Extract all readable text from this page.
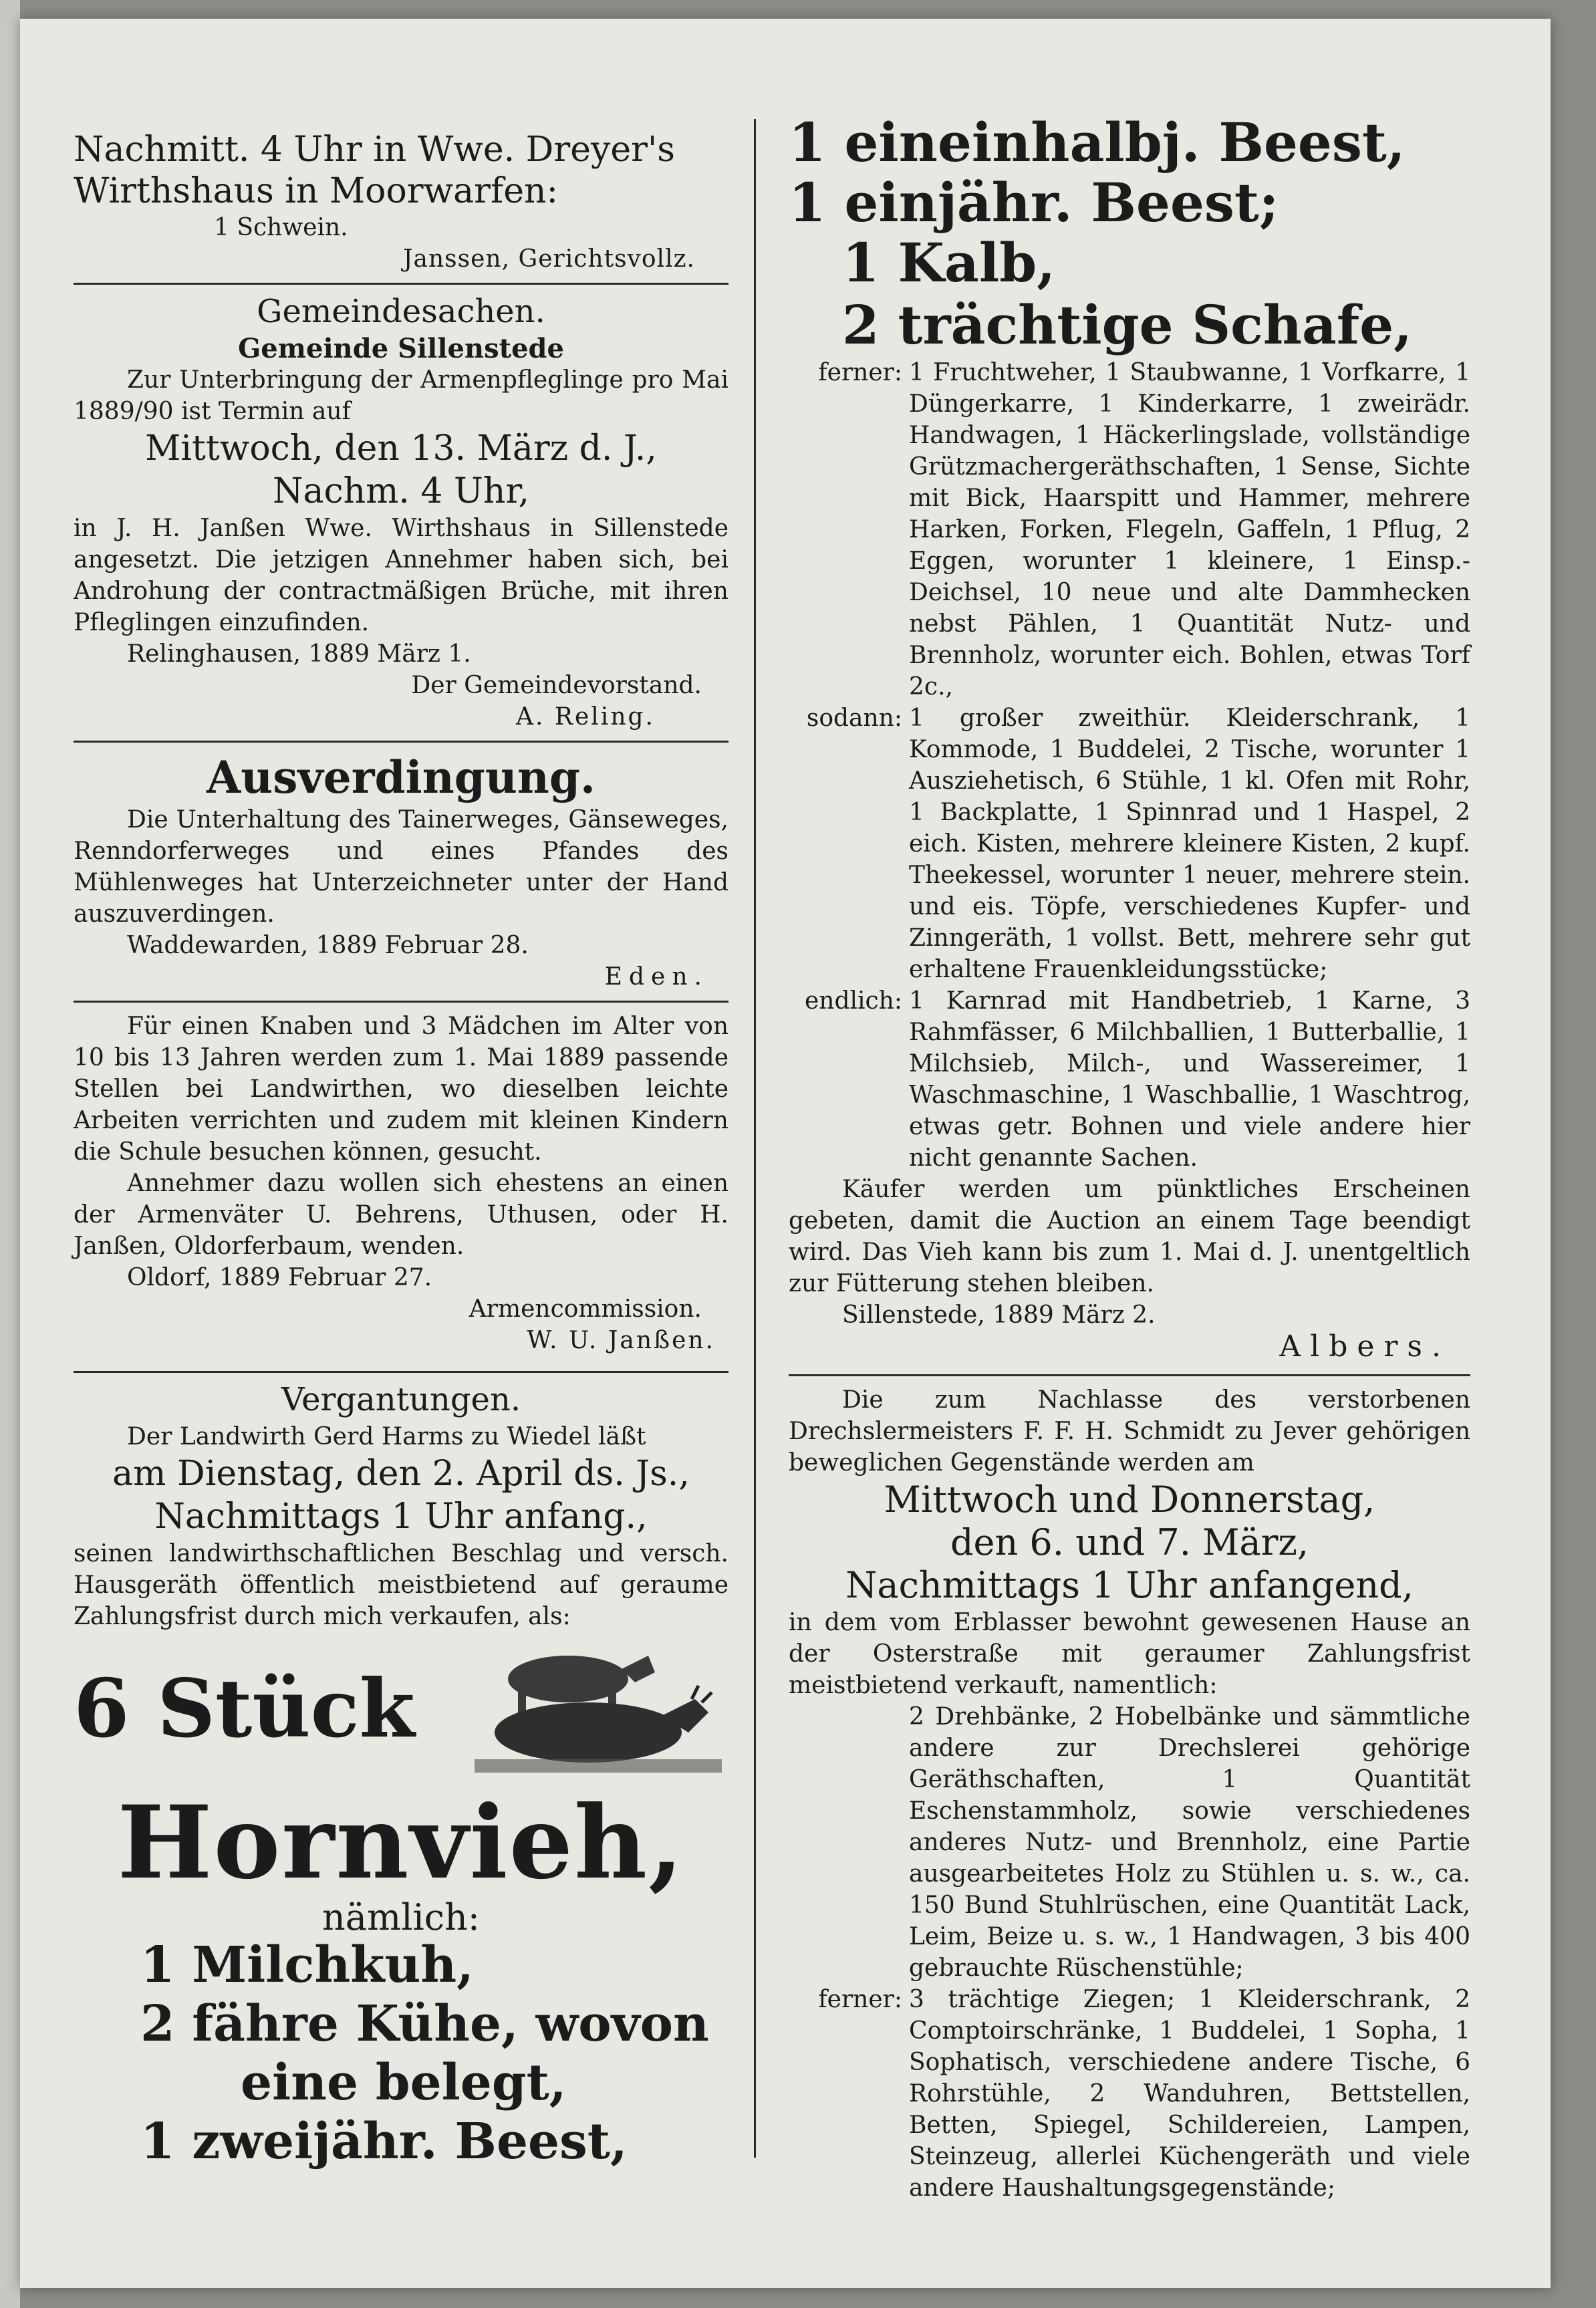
Nachmitt. 4 Uhr in Wwe. Dreyer's

Wirthshaus in Moorwarfen:

1 Schwein.

Janssen, Gerichtsvollz.

Gemeindesachen.

Gemeinde Sillenstede

Zur Unterbringung der Armenpfleglinge pro Mai 1889/90 ist Termin auf

Mittwoch, den 13. März d. J.,

Nachm. 4 Uhr,

in J. H. Janßen Wwe. Wirthshaus in Sillenstede angesetzt. Die jetzigen Annehmer haben sich, bei Androhung der contractmäßigen Brüche, mit ihren Pfleglingen einzufinden.

Relinghausen, 1889 März 1.

Der Gemeindevorstand.

A. Reling.

Ausverdingung.

Die Unterhaltung des Tainerweges, Gänseweges, Renndorferweges und eines Pfandes des Mühlenweges hat Unterzeichneter unter der Hand auszuverdingen.

Waddewarden, 1889 Februar 28.

Eden.

Für einen Knaben und 3 Mädchen im Alter von 10 bis 13 Jahren werden zum 1. Mai 1889 passende Stellen bei Landwirthen, wo dieselben leichte Arbeiten verrichten und zudem mit kleinen Kindern die Schule besuchen können, gesucht.

Annehmer dazu wollen sich ehestens an einen der Armenväter U. Behrens, Uthusen, oder H. Janßen, Oldorferbaum, wenden.

Oldorf, 1889 Februar 27.

Armencommission.

W. U. Janßen.

Vergantungen.

Der Landwirth Gerd Harms zu Wiedel läßt

am Dienstag, den 2. April ds. Js.,

Nachmittags 1 Uhr anfang.,

seinen landwirthschaftlichen Beschlag und versch. Hausgeräth öffentlich meistbietend auf geraume Zahlungsfrist durch mich verkaufen, als:

6 Stück

Hornvieh,

nämlich:

1 Milchkuh,

2 fähre Kühe, wovon

eine belegt,

1 zweijähr. Beest,

1 eineinhalbj. Beest,

1 einjähr. Beest;

1 Kalb,

2 trächtige Schafe,

ferner: 1 Fruchtweher, 1 Staubwanne, 1 Vorfkarre, 1 Düngerkarre, 1 Kinderkarre, 1 zweirädr. Handwagen, 1 Häckerlingslade, vollständige Grützmachergeräthschaften, 1 Sense, Sichte mit Bick, Haarspitt und Hammer, mehrere Harken, Forken, Flegeln, Gaffeln, 1 Pflug, 2 Eggen, worunter 1 kleinere, 1 Einsp.-Deichsel, 10 neue und alte Dammhecken nebst Pählen, 1 Quantität Nutz- und Brennholz, worunter eich. Bohlen, etwas Torf 2c.,

sodann: 1 großer zweithür. Kleiderschrank, 1 Kommode, 1 Buddelei, 2 Tische, worunter 1 Ausziehetisch, 6 Stühle, 1 kl. Ofen mit Rohr, 1 Backplatte, 1 Spinnrad und 1 Haspel, 2 eich. Kisten, mehrere kleinere Kisten, 2 kupf. Theekessel, worunter 1 neuer, mehrere stein. und eis. Töpfe, verschiedenes Kupfer- und Zinngeräth, 1 vollst. Bett, mehrere sehr gut erhaltene Frauenkleidungsstücke;

endlich: 1 Karnrad mit Handbetrieb, 1 Karne, 3 Rahmfässer, 6 Milchballien, 1 Butterballie, 1 Milchsieb, Milch-, und Wassereimer, 1 Waschmaschine, 1 Waschballie, 1 Waschtrog, etwas getr. Bohnen und viele andere hier nicht genannte Sachen.

Käufer werden um pünktliches Erscheinen gebeten, damit die Auction an einem Tage beendigt wird. Das Vieh kann bis zum 1. Mai d. J. unentgeltlich zur Fütterung stehen bleiben.

Sillenstede, 1889 März 2.

Albers.

Die zum Nachlasse des verstorbenen Drechslermeisters F. F. H. Schmidt zu Jever gehörigen beweglichen Gegenstände werden am

Mittwoch und Donnerstag,

den 6. und 7. März,

Nachmittags 1 Uhr anfangend,

in dem vom Erblasser bewohnt gewesenen Hause an der Osterstraße mit geraumer Zahlungsfrist meistbietend verkauft, namentlich:

2 Drehbänke, 2 Hobelbänke und sämmtliche andere zur Drechslerei gehörige Geräthschaften, 1 Quantität Eschenstammholz, sowie verschiedenes anderes Nutz- und Brennholz, eine Partie ausgearbeitetes Holz zu Stühlen u. s. w., ca. 150 Bund Stuhlrüschen, eine Quantität Lack, Leim, Beize u. s. w., 1 Handwagen, 3 bis 400 gebrauchte Rüschenstühle;

ferner: 3 trächtige Ziegen; 1 Kleiderschrank, 2 Comptoirschränke, 1 Buddelei, 1 Sopha, 1 Sophatisch, verschiedene andere Tische, 6 Rohrstühle, 2 Wanduhren, Bettstellen, Betten, Spiegel, Schildereien, Lampen, Steinzeug, allerlei Küchengeräth und viele andere Haushaltungsgegenstände;
